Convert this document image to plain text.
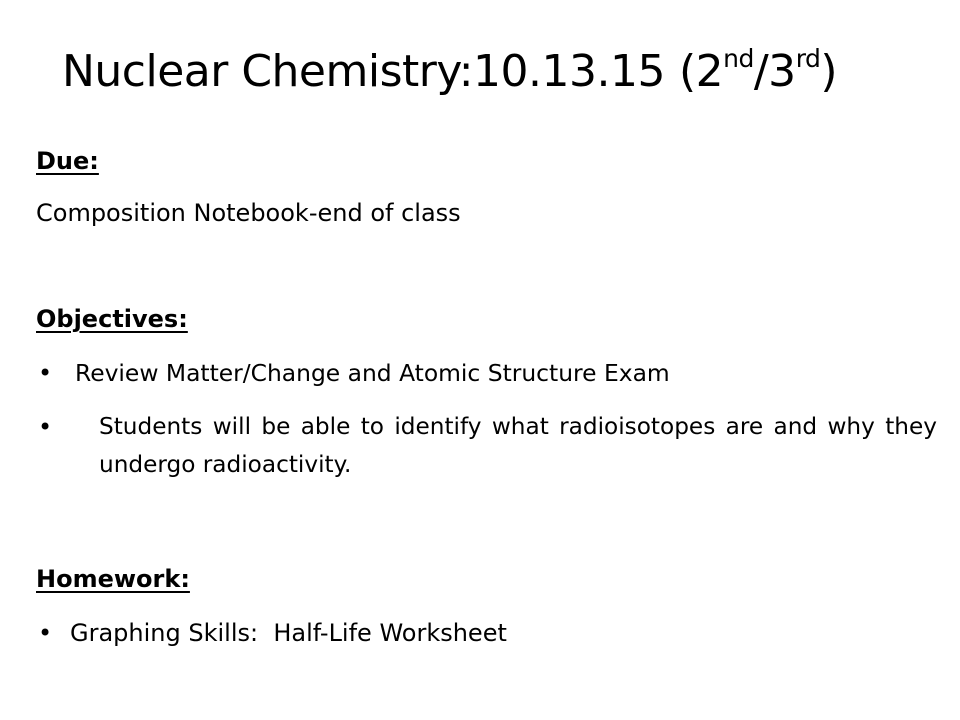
Nuclear Chemistry:10.13.15 (2nd/3rd)
Due:
Composition Notebook-end of class
Objectives:
• Review Matter/Change and Atomic Structure Exam
• Students will be able to identify what radioisotopes are and why they undergo radioactivity.
Homework:
• Graphing Skills:  Half-Life Worksheet
